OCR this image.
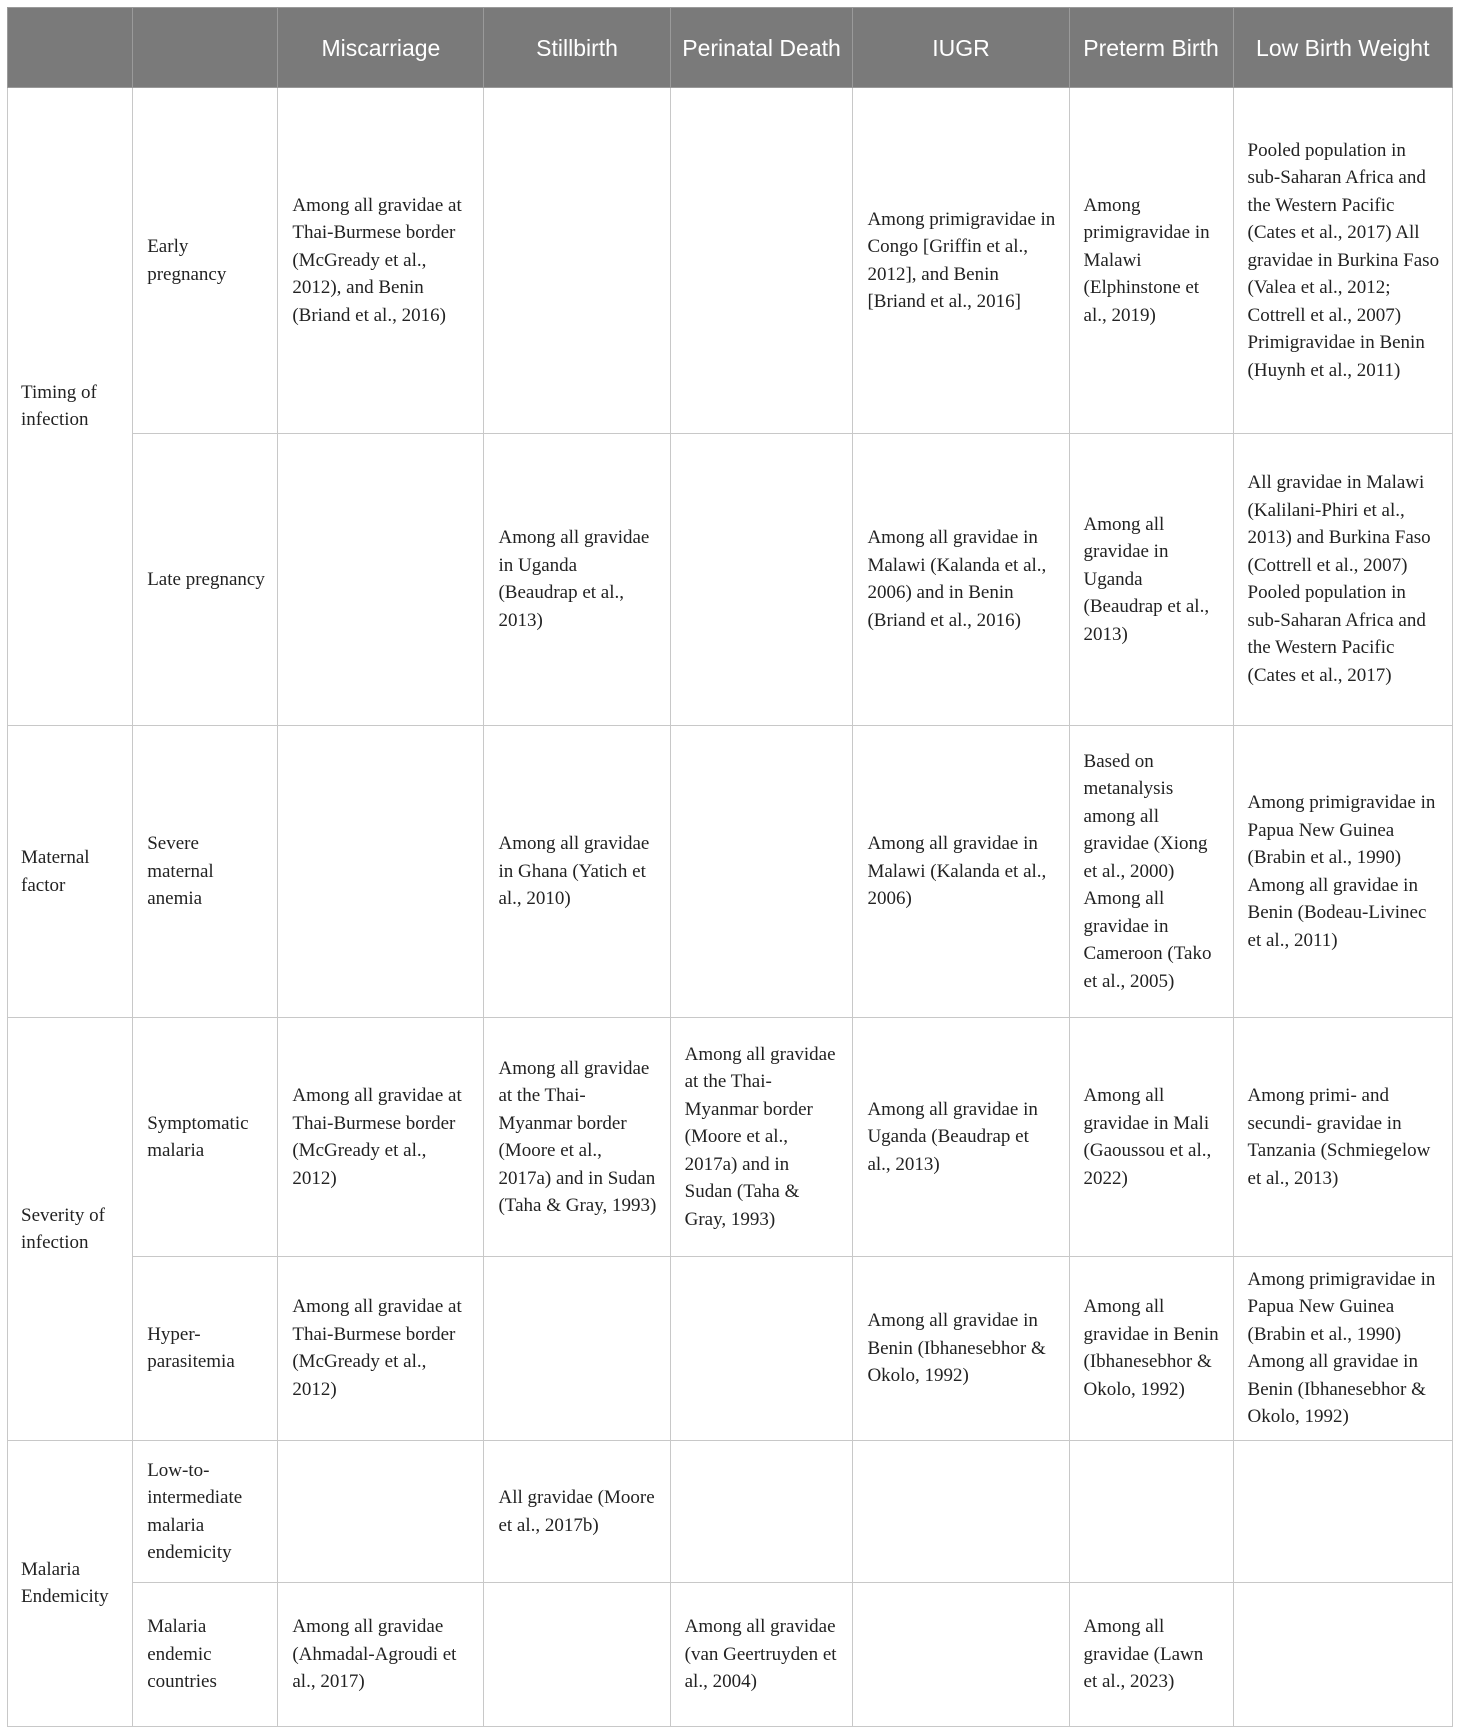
		Miscarriage	Stillbirth	Perinatal Death	IUGR	Preterm Birth	Low Birth Weight
Timing of infection	Early pregnancy	Among all gravidae at Thai-Burmese border (McGready et al., 2012), and Benin (Briand et al., 2016)			Among primigravidae in Congo [Griffin et al., 2012], and Benin [Briand et al., 2016]	Among primigravidae in Malawi (Elphinstone et al., 2019)	Pooled population in sub-Saharan Africa and the Western Pacific (Cates et al., 2017) All gravidae in Burkina Faso (Valea et al., 2012; Cottrell et al., 2007) Primigravidae in Benin (Huynh et al., 2011)
	Late pregnancy		Among all gravidae in Uganda (Beaudrap et al., 2013)		Among all gravidae in Malawi (Kalanda et al., 2006) and in Benin (Briand et al., 2016)	Among all gravidae in Uganda (Beaudrap et al., 2013)	All gravidae in Malawi (Kalilani-Phiri et al., 2013) and Burkina Faso (Cottrell et al., 2007) Pooled population in sub-Saharan Africa and the Western Pacific (Cates et al., 2017)
Maternal factor	Severe maternal anemia		Among all gravidae in Ghana (Yatich et al., 2010)		Among all gravidae in Malawi (Kalanda et al., 2006)	Based on metanalysis among all gravidae (Xiong et al., 2000) Among all gravidae in Cameroon (Tako et al., 2005)	Among primigravidae in Papua New Guinea (Brabin et al., 1990) Among all gravidae in Benin (Bodeau-Livinec et al., 2011)
Severity of infection	Symptomatic malaria	Among all gravidae at Thai-Burmese border (McGready et al., 2012)	Among all gravidae at the Thai-Myanmar border (Moore et al., 2017a) and in Sudan (Taha & Gray, 1993)	Among all gravidae at the Thai-Myanmar border (Moore et al., 2017a) and in Sudan (Taha & Gray, 1993)	Among all gravidae in Uganda (Beaudrap et al., 2013)	Among all gravidae in Mali (Gaoussou et al., 2022)	Among primi- and secundi- gravidae in Tanzania (Schmiegelow et al., 2013)
	Hyper-parasitemia	Among all gravidae at Thai-Burmese border (McGready et al., 2012)			Among all gravidae in Benin (Ibhanesebhor & Okolo, 1992)	Among all gravidae in Benin (Ibhanesebhor & Okolo, 1992)	Among primigravidae in Papua New Guinea (Brabin et al., 1990) Among all gravidae in Benin (Ibhanesebhor & Okolo, 1992)
Malaria Endemicity	Low-to-intermediate malaria endemicity		All gravidae (Moore et al., 2017b)				
	Malaria endemic countries	Among all gravidae (Ahmadal-Agroudi et al., 2017)		Among all gravidae (van Geertruyden et al., 2004)		Among all gravidae (Lawn et al., 2023)	
